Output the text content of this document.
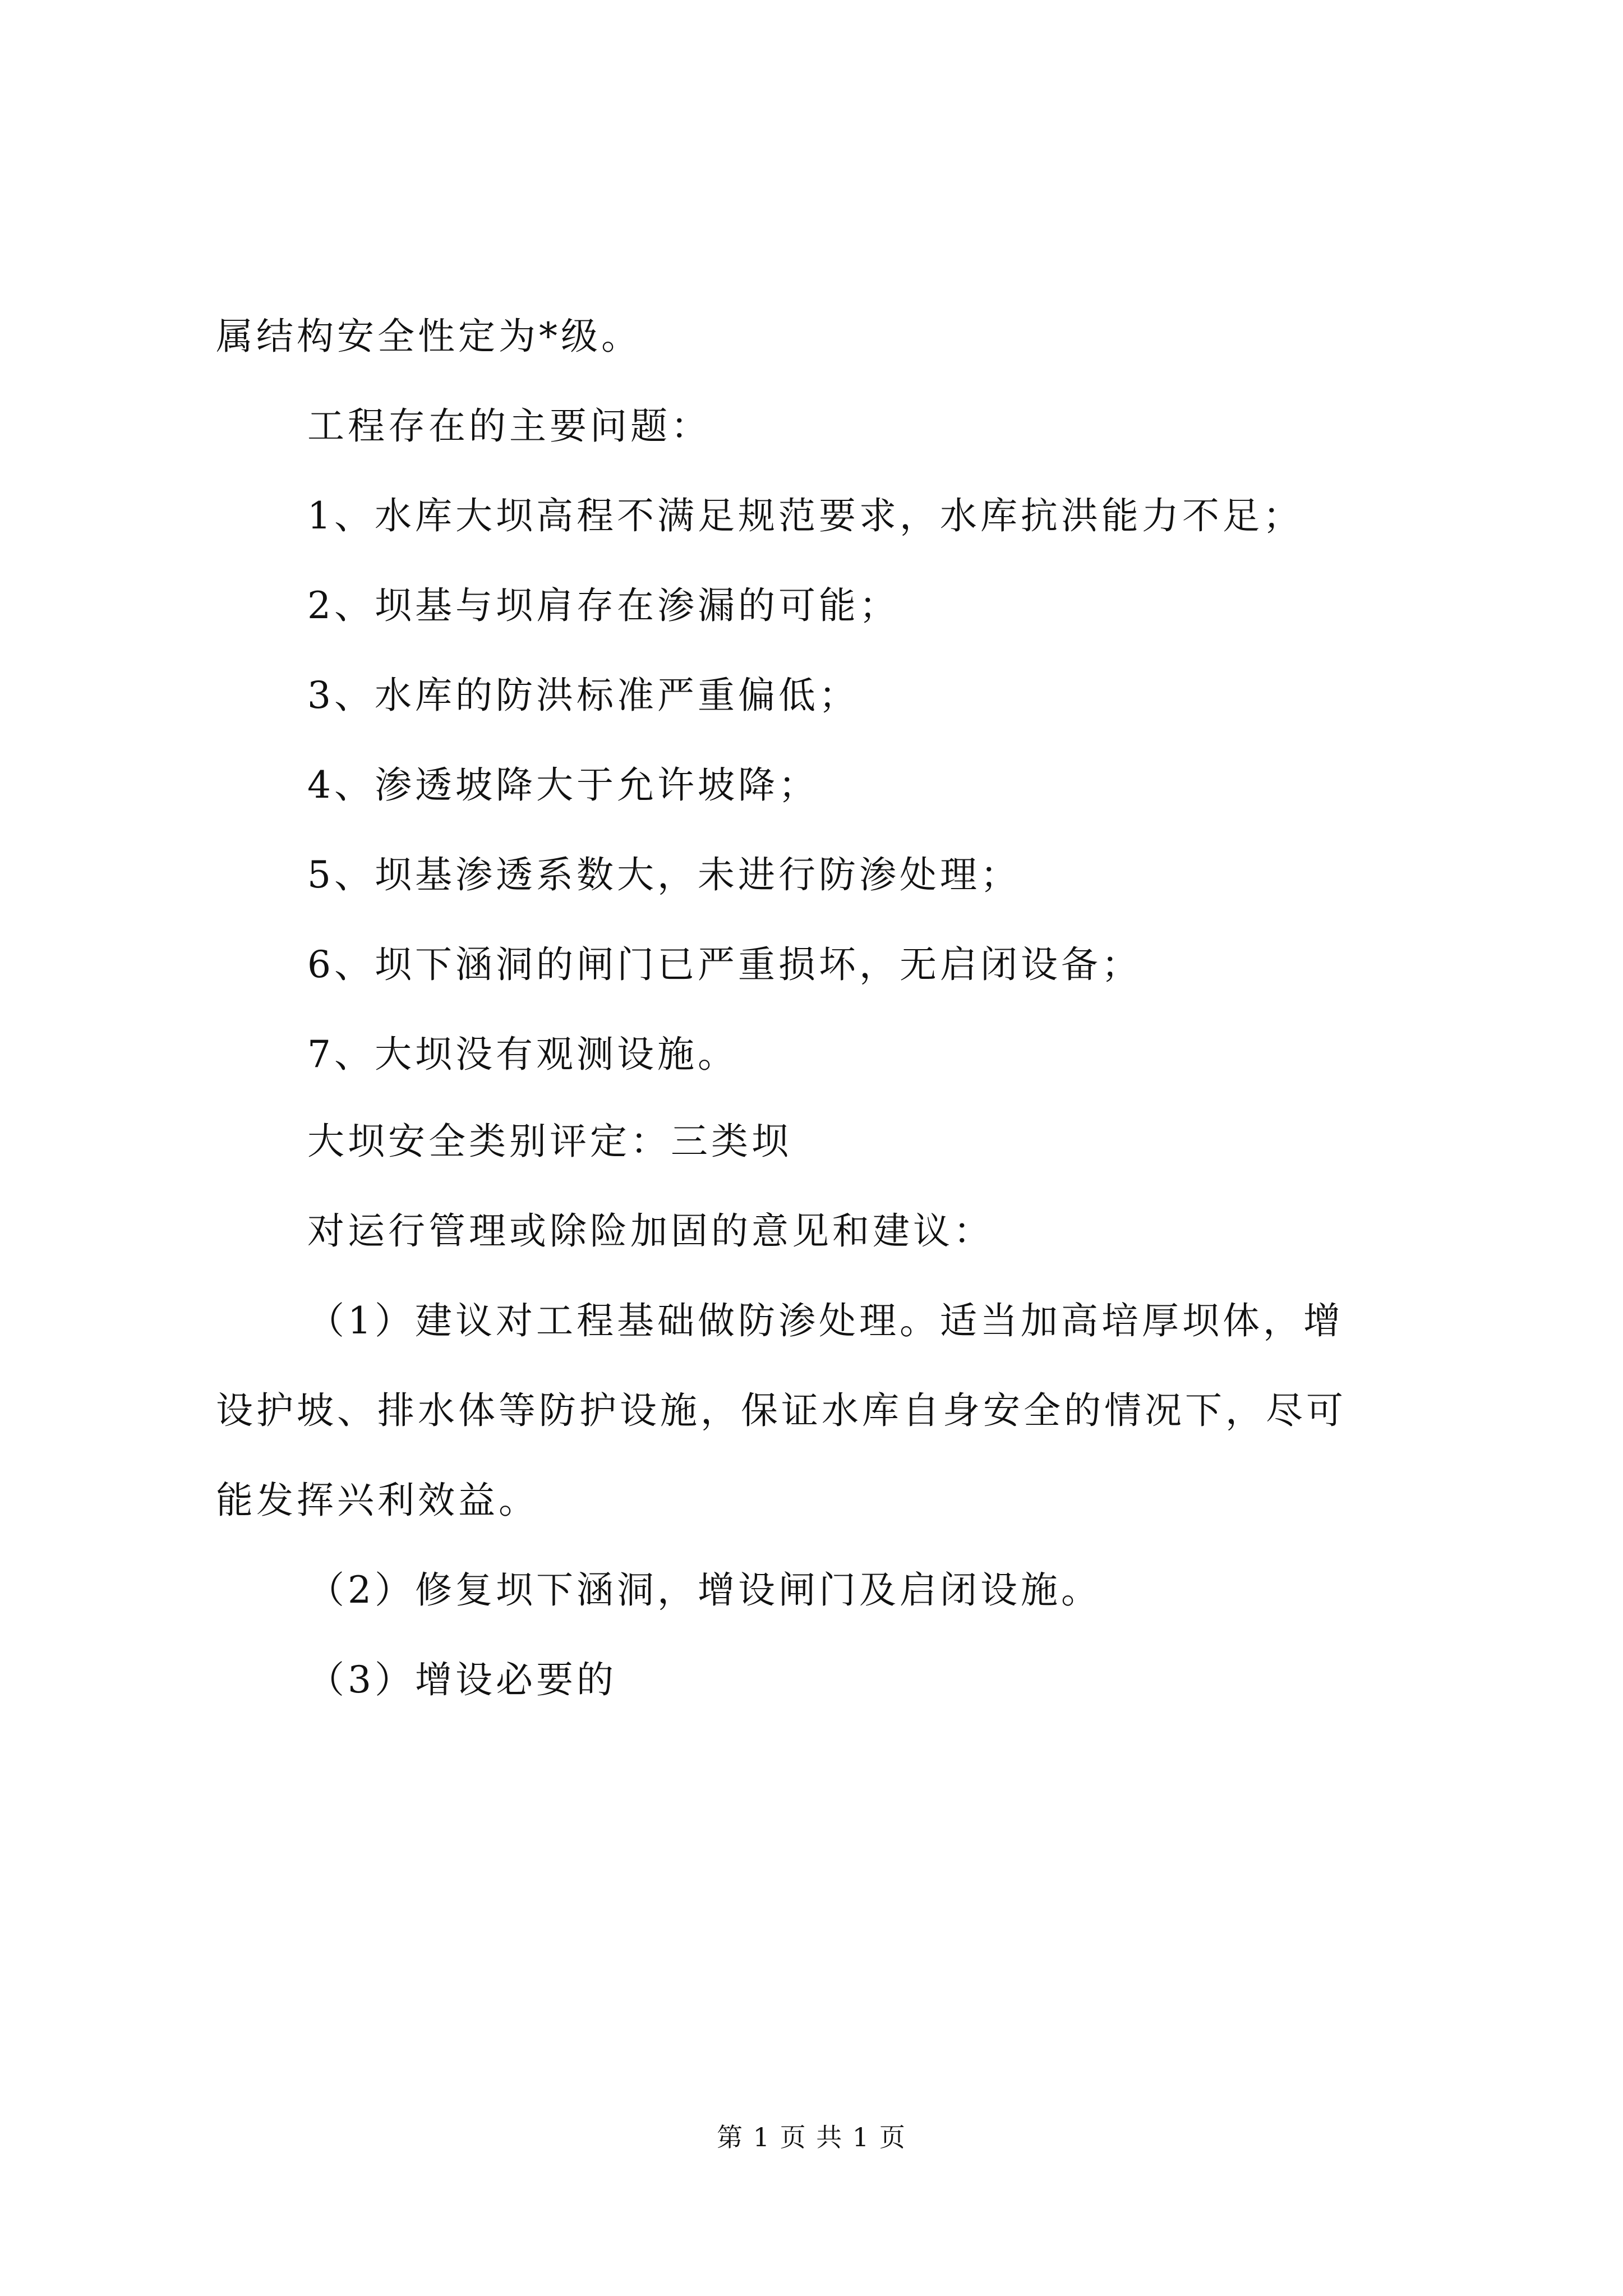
属结构安全性定为*级。
工程存在的主要问题：
1、水库大坝高程不满足规范要求，水库抗洪能力不足；
2、坝基与坝肩存在渗漏的可能；
3、水库的防洪标准严重偏低；
4、渗透坡降大于允许坡降；
5、坝基渗透系数大，未进行防渗处理；
6、坝下涵洞的闸门已严重损坏，无启闭设备；
7、大坝没有观测设施。
大坝安全类别评定：三类坝
对运行管理或除险加固的意见和建议：
（1）建议对工程基础做防渗处理。适当加高培厚坝体，增
设护坡、排水体等防护设施，保证水库自身安全的情况下，尽可
能发挥兴利效益。
（2）修复坝下涵洞，增设闸门及启闭设施。
（3）增设必要的
第 1 页 共 1 页
